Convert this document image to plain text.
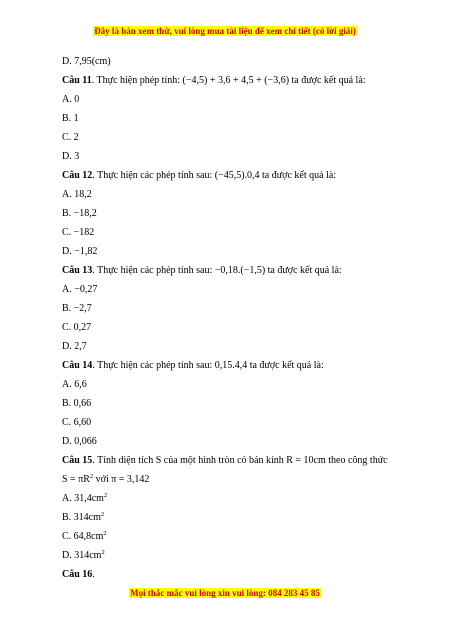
Đây là bản xem thử, vui lòng mua tài liệu để xem chi tiết (có lời giải)
D. 7,95(cm)
Câu 11. Thực hiện phép tính: (−4,5) + 3,6 + 4,5 + (−3,6) ta được kết quả là:
A. 0
B. 1
C. 2
D. 3
Câu 12. Thực hiện các phép tính sau: (−45,5).0,4 ta được kết quả là:
A. 18,2
B. −18,2
C. −182
D. −1,82
Câu 13. Thực hiện các phép tính sau: −0,18.(−1,5) ta được kết quả là:
A. −0,27
B. −2,7
C. 0,27
D. 2,7
Câu 14. Thực hiện các phép tính sau: 0,15.4,4 ta được kết quả là:
A. 6,6
B. 0,66
C. 6,60
D. 0,066
Câu 15. Tính diện tích S của một hình tròn có bán kính R = 10cm theo công thức
$S = \pi R^2$ với π = 3,142
A. $31,4cm^2$
B. $314cm^2$
C. $64,8cm^2$
D. $314cm^2$
Câu 16.
Mọi thắc mắc vui lòng xin vui lòng: 084 283 45 85
